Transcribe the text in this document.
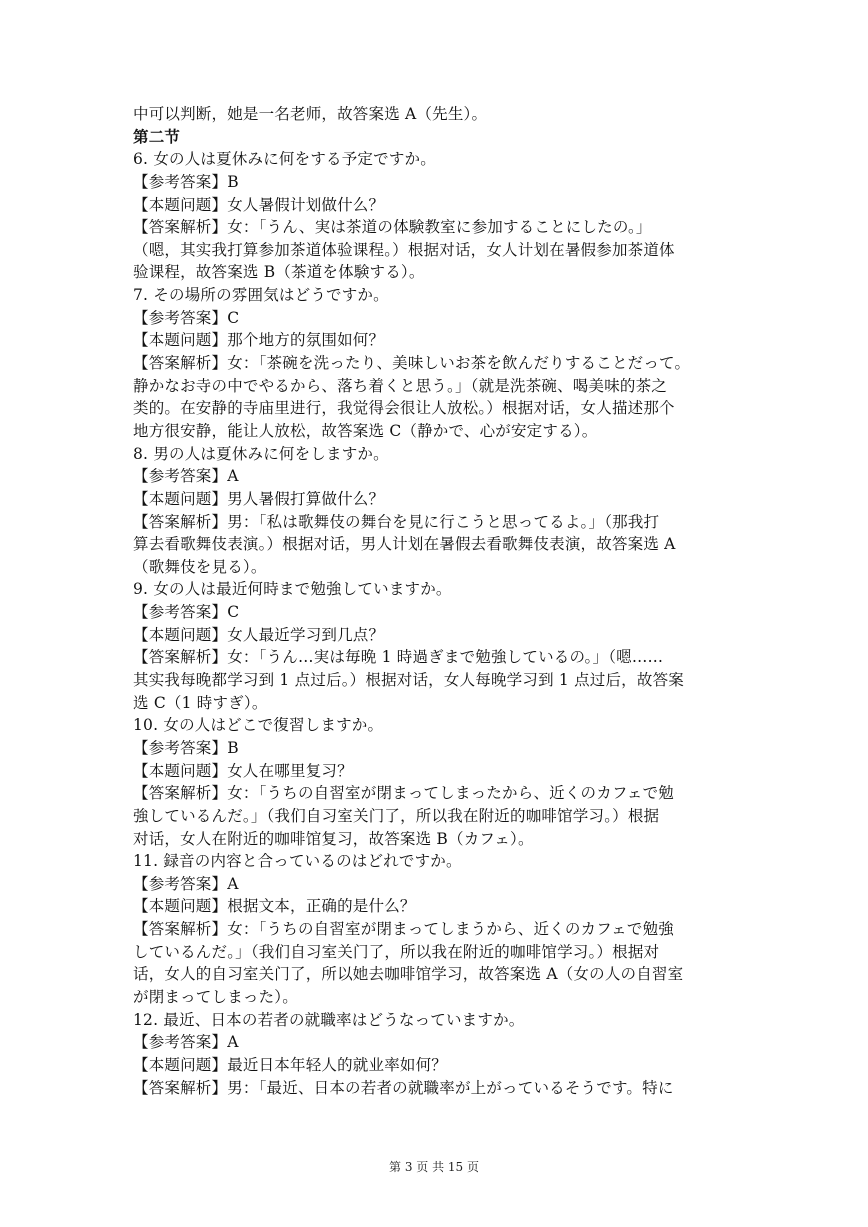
中可以判断，她是一名老师，故答案选 A（先生）。
第二节
6. 女の人は夏休みに何をする予定ですか。
【参考答案】B
【本题问题】女人暑假计划做什么？
【答案解析】女：「うん、実は茶道の体験教室に参加することにしたの。」
（嗯，其实我打算参加茶道体验课程。）根据对话，女人计划在暑假参加茶道体
验课程，故答案选 B（茶道を体験する）。
7. その場所の雰囲気はどうですか。
【参考答案】C
【本题问题】那个地方的氛围如何？
【答案解析】女：「茶碗を洗ったり、美味しいお茶を飲んだりすることだって。
静かなお寺の中でやるから、落ち着くと思う。」（就是洗茶碗、喝美味的茶之
类的。在安静的寺庙里进行，我觉得会很让人放松。）根据对话，女人描述那个
地方很安静，能让人放松，故答案选 C（静かで、心が安定する）。
8. 男の人は夏休みに何をしますか。
【参考答案】A
【本题问题】男人暑假打算做什么？
【答案解析】男：「私は歌舞伎の舞台を見に行こうと思ってるよ。」（那我打
算去看歌舞伎表演。）根据对话，男人计划在暑假去看歌舞伎表演，故答案选 A
（歌舞伎を見る）。
9. 女の人は最近何時まで勉強していますか。
【参考答案】C
【本题问题】女人最近学习到几点？
【答案解析】女：「うん…実は毎晩 1 時過ぎまで勉強しているの。」（嗯……
其实我每晚都学习到 1 点过后。）根据对话，女人每晚学习到 1 点过后，故答案
选 C（1 時すぎ）。
10. 女の人はどこで復習しますか。
【参考答案】B
【本题问题】女人在哪里复习？
【答案解析】女：「うちの自習室が閉まってしまったから、近くのカフェで勉
強しているんだ。」（我们自习室关门了，所以我在附近的咖啡馆学习。）根据
对话，女人在附近的咖啡馆复习，故答案选 B（カフェ）。
11. 録音の内容と合っているのはどれですか。
【参考答案】A
【本题问题】根据文本，正确的是什么？
【答案解析】女：「うちの自習室が閉まってしまうから、近くのカフェで勉強
しているんだ。」（我们自习室关门了，所以我在附近的咖啡馆学习。）根据对
话，女人的自习室关门了，所以她去咖啡馆学习，故答案选 A（女の人の自習室
が閉まってしまった）。
12. 最近、日本の若者の就職率はどうなっていますか。
【参考答案】A
【本题问题】最近日本年轻人的就业率如何？
【答案解析】男：「最近、日本の若者の就職率が上がっているそうです。特に
第 3 页 共 15 页
